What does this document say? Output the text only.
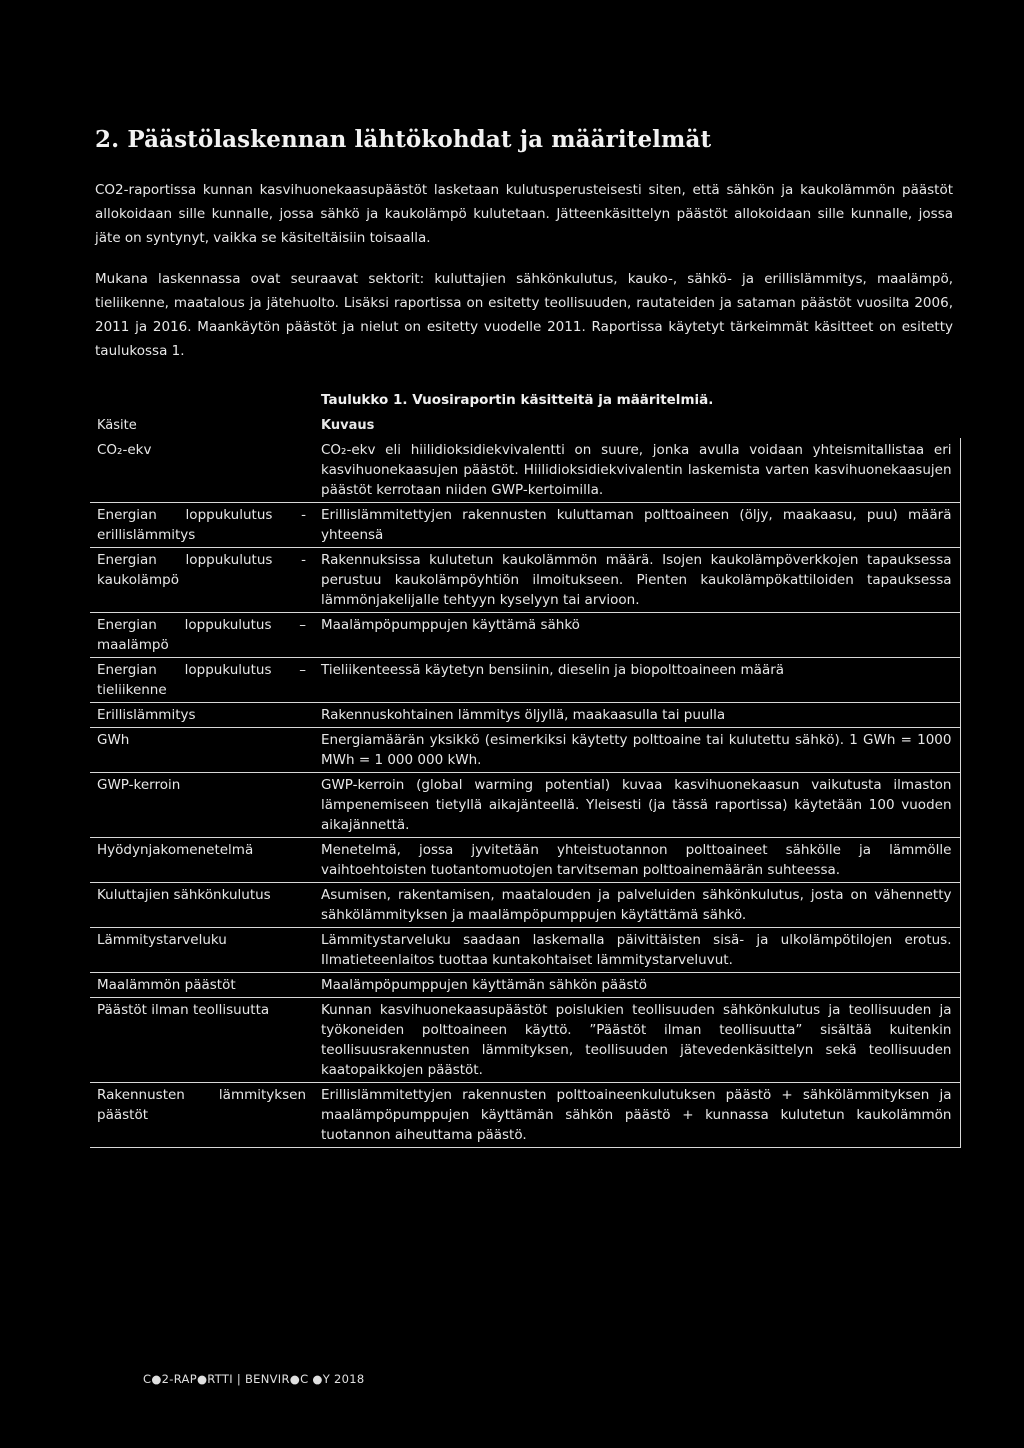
2. Päästölaskennan lähtökohdat ja määritelmät

CO2-raportissa kunnan kasvihuonekaasupäästöt lasketaan kulutusperusteisesti siten, että sähkön ja kaukolämmön päästöt allokoidaan sille kunnalle, jossa sähkö ja kaukolämpö kulutetaan. Jätteenkäsittelyn päästöt allokoidaan sille kunnalle, jossa jäte on syntynyt, vaikka se käsiteltäisiin toisaalla.

Mukana laskennassa ovat seuraavat sektorit: kuluttajien sähkönkulutus, kauko-, sähkö- ja erillislämmitys, maalämpö, tieliikenne, maatalous ja jätehuolto. Lisäksi raportissa on esitetty teollisuuden, rautateiden ja sataman päästöt vuosilta 2006, 2011 ja 2016. Maankäytön päästöt ja nielut on esitetty vuodelle 2011. Raportissa käytetyt tärkeimmät käsitteet on esitetty taulukossa 1.

Taulukko 1. Vuosiraportin käsitteitä ja määritelmiä.

Käsite	Kuvaus
CO₂-ekv	CO₂-ekv eli hiilidioksidiekvivalentti on suure, jonka avulla voidaan yhteismitallistaa eri kasvihuonekaasujen päästöt. Hiilidioksidiekvivalentin laskemista varten kasvihuonekaasujen päästöt kerrotaan niiden GWP-kertoimilla.
Energian loppukulutus - erillislämmitys	Erillislämmitettyjen rakennusten kuluttaman polttoaineen (öljy, maakaasu, puu) määrä yhteensä
Energian loppukulutus - kaukolämpö	Rakennuksissa kulutetun kaukolämmön määrä. Isojen kaukolämpöverkkojen tapauksessa perustuu kaukolämpöyhtiön ilmoitukseen. Pienten kaukolämpökattiloiden tapauksessa lämmönjakelijalle tehtyyn kyselyyn tai arvioon.
Energian loppukulutus – maalämpö	Maalämpöpumppujen käyttämä sähkö
Energian loppukulutus – tieliikenne	Tieliikenteessä käytetyn bensiinin, dieselin ja biopolttoaineen määrä
Erillislämmitys	Rakennuskohtainen lämmitys öljyllä, maakaasulla tai puulla
GWh	Energiamäärän yksikkö (esimerkiksi käytetty polttoaine tai kulutettu sähkö). 1 GWh = 1000 MWh = 1 000 000 kWh.
GWP-kerroin	GWP-kerroin (global warming potential) kuvaa kasvihuonekaasun vaikutusta ilmaston lämpenemiseen tietyllä aikajänteellä. Yleisesti (ja tässä raportissa) käytetään 100 vuoden aikajännettä.
Hyödynjakomenetelmä	Menetelmä, jossa jyvitetään yhteistuotannon polttoaineet sähkölle ja lämmölle vaihtoehtoisten tuotantomuotojen tarvitseman polttoainemäärän suhteessa.
Kuluttajien sähkönkulutus	Asumisen, rakentamisen, maatalouden ja palveluiden sähkönkulutus, josta on vähennetty sähkölämmityksen ja maalämpöpumppujen käytättämä sähkö.
Lämmitystarveluku	Lämmitystarveluku saadaan laskemalla päivittäisten sisä- ja ulkolämpötilojen erotus. Ilmatieteenlaitos tuottaa kuntakohtaiset lämmitystarveluvut.
Maalämmön päästöt	Maalämpöpumppujen käyttämän sähkön päästö
Päästöt ilman teollisuutta	Kunnan kasvihuonekaasupäästöt poislukien teollisuuden sähkönkulutus ja teollisuuden ja työkoneiden polttoaineen käyttö. ”Päästöt ilman teollisuutta” sisältää kuitenkin teollisuusrakennusten lämmityksen, teollisuuden jätevedenkäsittelyn sekä teollisuuden kaatopaikkojen päästöt.
Rakennusten lämmityksen päästöt	Erillislämmitettyjen rakennusten polttoaineenkulutuksen päästö + sähkölämmityksen ja maalämpöpumppujen käyttämän sähkön päästö + kunnassa kulutetun kaukolämmön tuotannon aiheuttama päästö.
C●2-RAP●RTTI | BENVIR●C ●Y 2018
